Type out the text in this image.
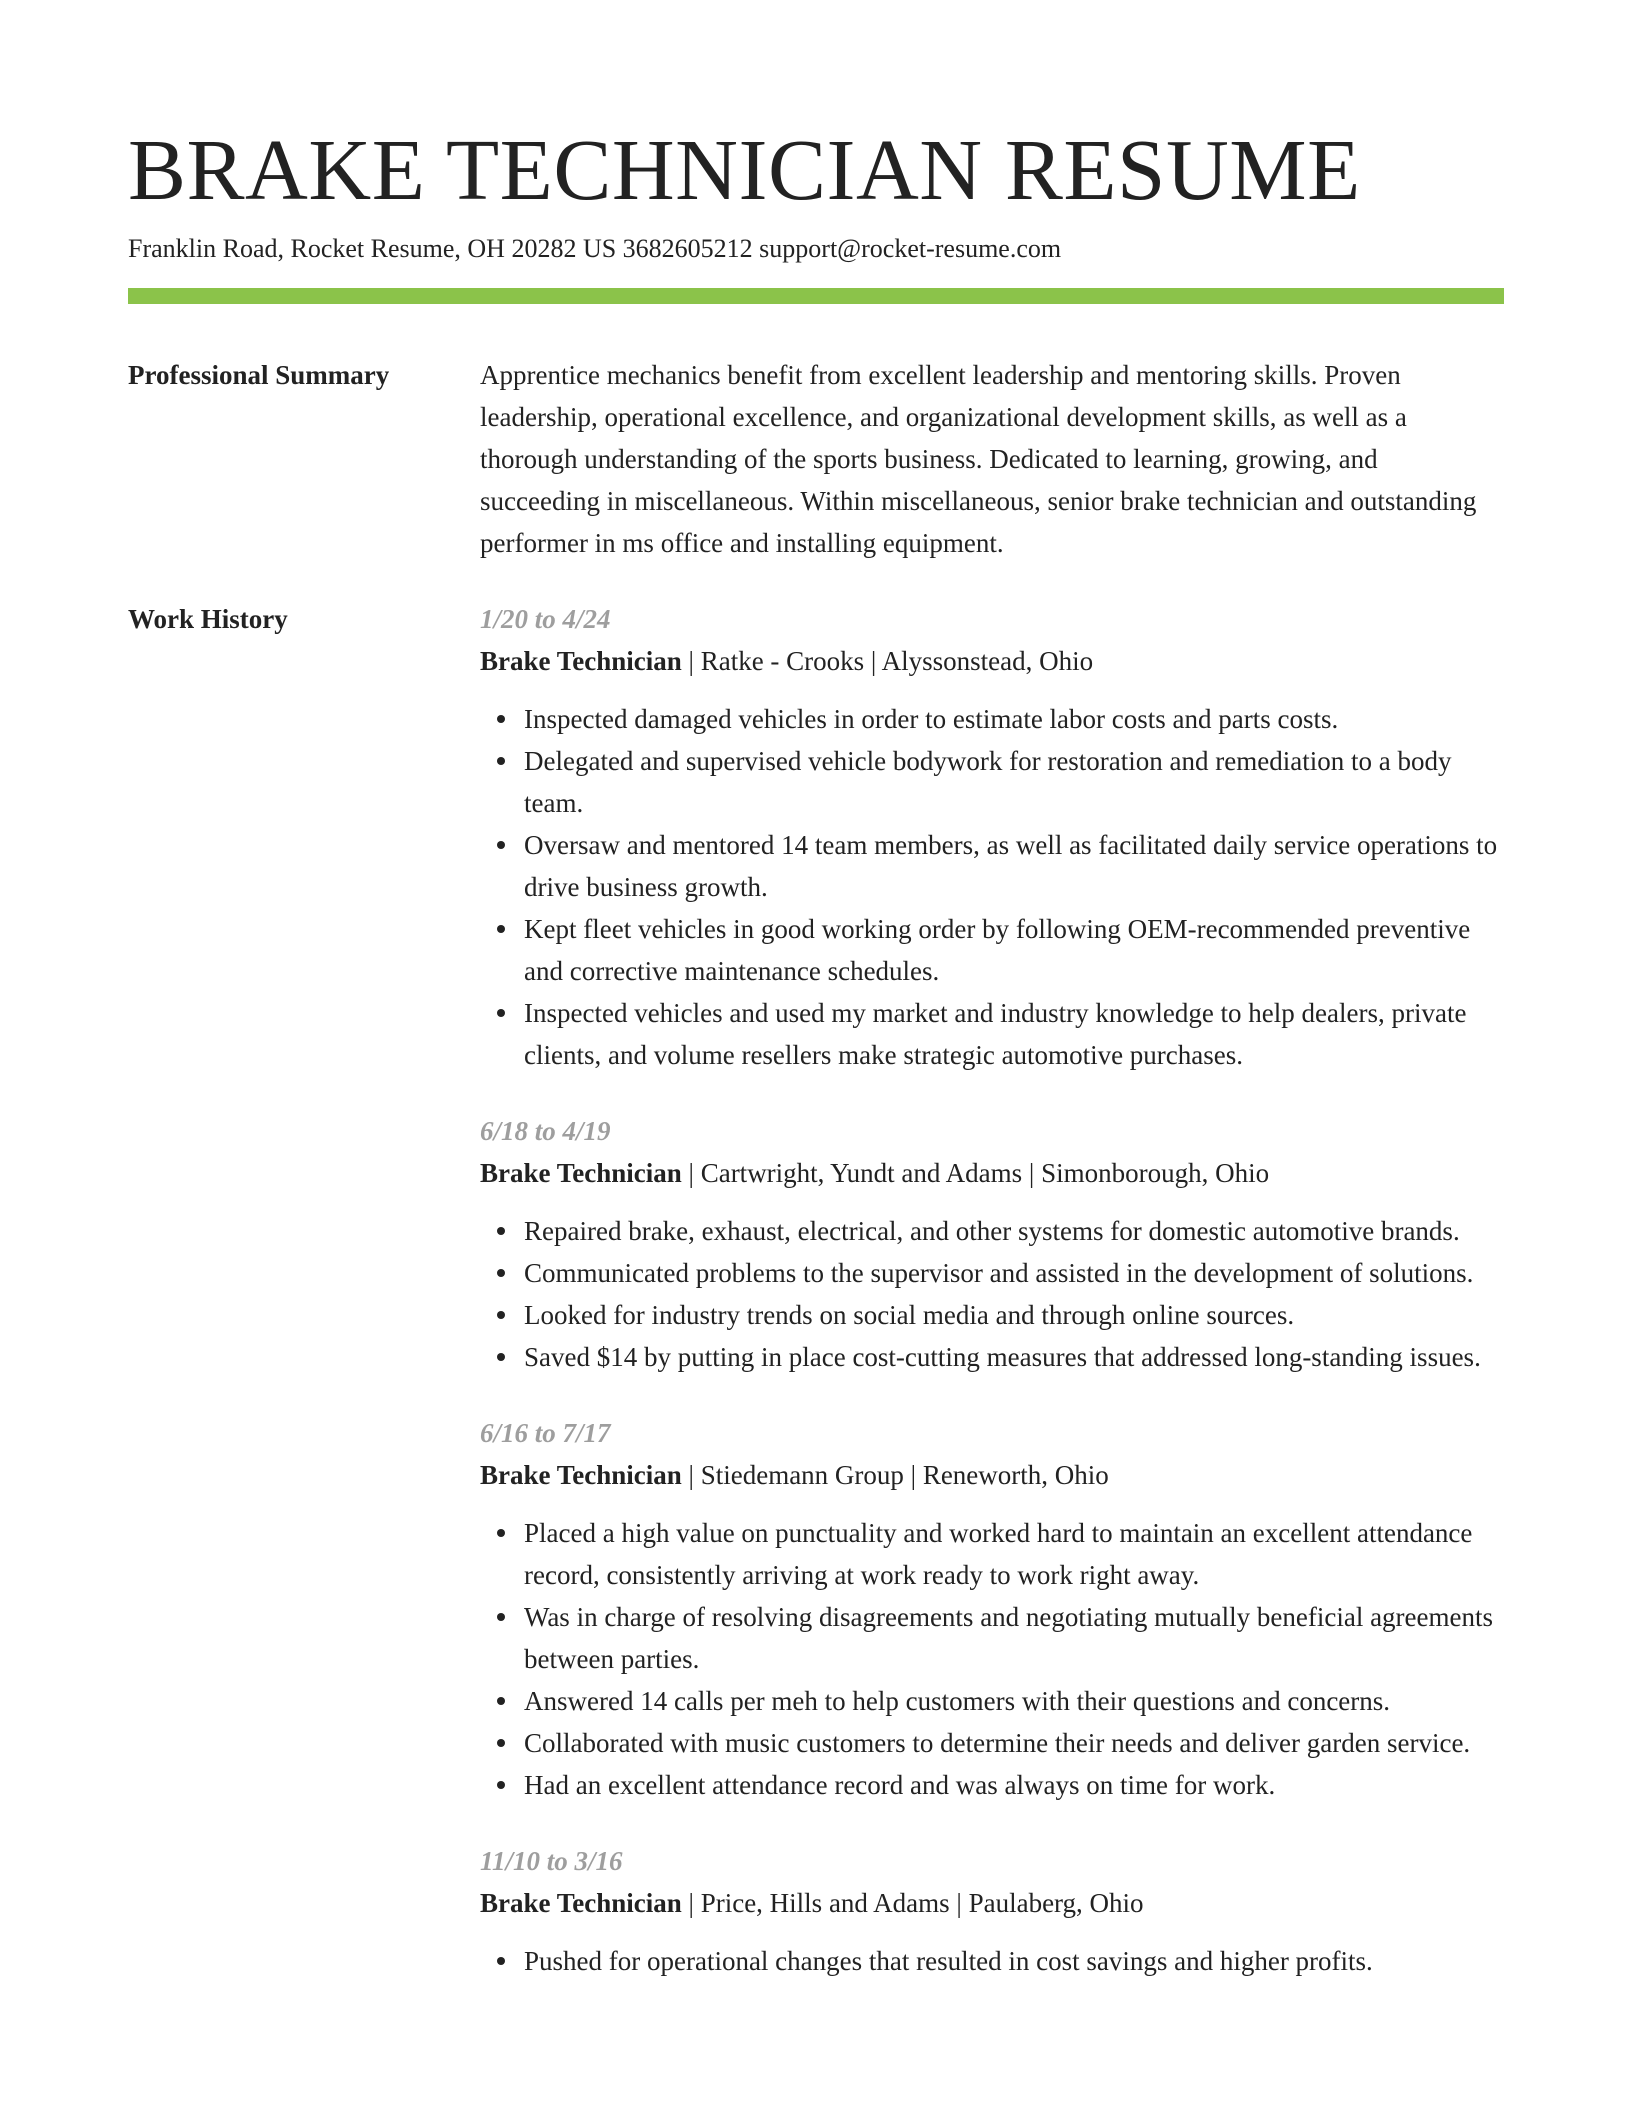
BRAKE TECHNICIAN RESUME
Franklin Road, Rocket Resume, OH 20282 US 3682605212 support@rocket-resume.com
Professional Summary	Apprentice mechanics benefit from excellent leadership and mentoring skills. Proven leadership, operational excellence, and organizational development skills, as well as a thorough understanding of the sports business. Dedicated to learning, growing, and succeeding in miscellaneous. Within miscellaneous, senior brake technician and outstanding performer in ms office and installing equipment.

Work History	1/20 to 4/24
Brake Technician | Ratke - Crooks | Alyssonstead, Ohio
Inspected damaged vehicles in order to estimate labor costs and parts costs.
Delegated and supervised vehicle bodywork for restoration and remediation to a body team.
Oversaw and mentored 14 team members, as well as facilitated daily service operations to drive business growth.
Kept fleet vehicles in good working order by following OEM-recommended preventive and corrective maintenance schedules.
Inspected vehicles and used my market and industry knowledge to help dealers, private clients, and volume resellers make strategic automotive purchases.
6/18 to 4/19
Brake Technician | Cartwright, Yundt and Adams | Simonborough, Ohio
Repaired brake, exhaust, electrical, and other systems for domestic automotive brands.
Communicated problems to the supervisor and assisted in the development of solutions.
Looked for industry trends on social media and through online sources.
Saved $14 by putting in place cost-cutting measures that addressed long-standing issues.
6/16 to 7/17
Brake Technician | Stiedemann Group | Reneworth, Ohio
Placed a high value on punctuality and worked hard to maintain an excellent attendance record, consistently arriving at work ready to work right away.
Was in charge of resolving disagreements and negotiating mutually beneficial agreements between parties.
Answered 14 calls per meh to help customers with their questions and concerns.
Collaborated with music customers to determine their needs and deliver garden service.
Had an excellent attendance record and was always on time for work.
11/10 to 3/16
Brake Technician | Price, Hills and Adams | Paulaberg, Ohio
Pushed for operational changes that resulted in cost savings and higher profits.
